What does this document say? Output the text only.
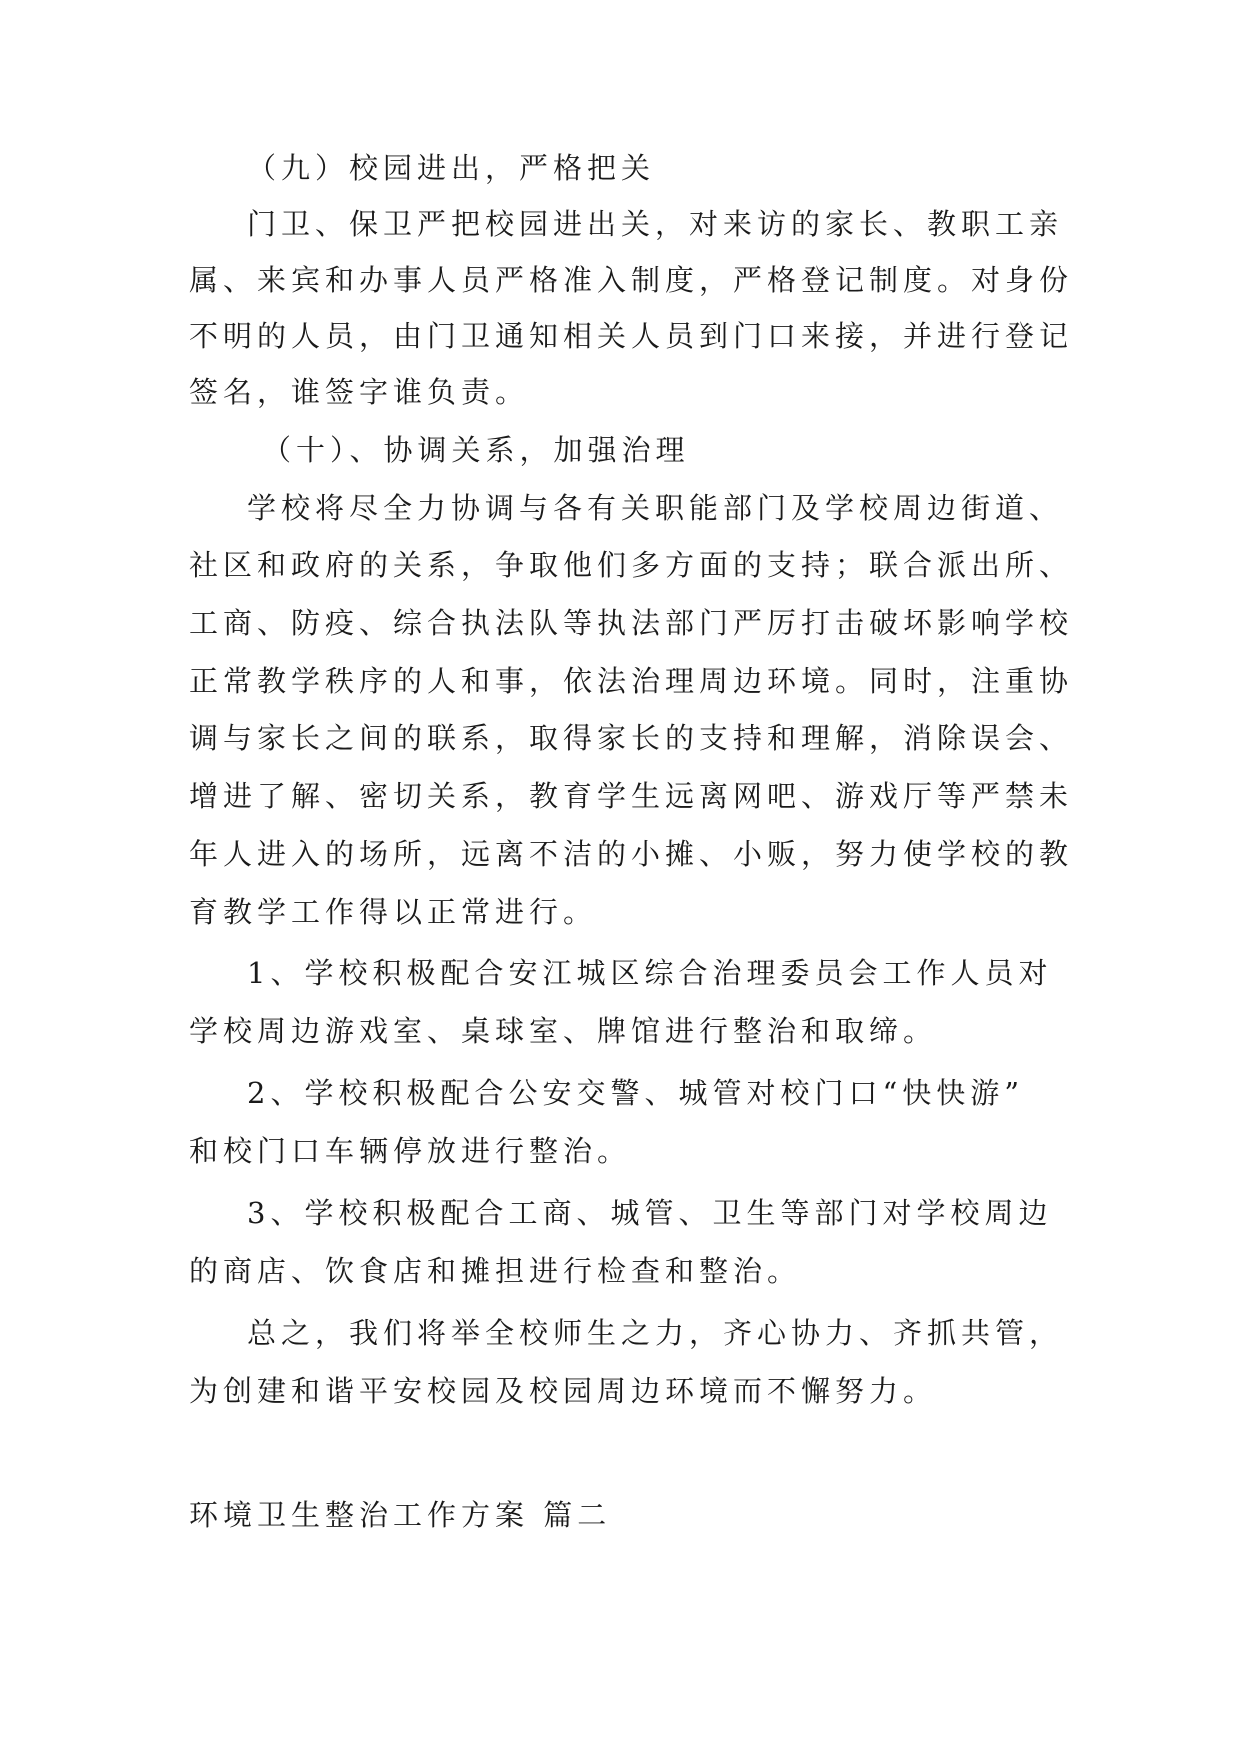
（九）校园进出，严格把关

门卫、保卫严把校园进出关，对来访的家长、教职工亲

属、来宾和办事人员严格准入制度，严格登记制度。对身份

不明的人员，由门卫通知相关人员到门口来接，并进行登记

签名，谁签字谁负责。

（十）、协调关系，加强治理

学校将尽全力协调与各有关职能部门及学校周边街道、

社区和政府的关系，争取他们多方面的支持；联合派出所、

工商、防疫、综合执法队等执法部门严厉打击破坏影响学校

正常教学秩序的人和事，依法治理周边环境。同时，注重协

调与家长之间的联系，取得家长的支持和理解，消除误会、

增进了解、密切关系，教育学生远离网吧、游戏厅等严禁未

年人进入的场所，远离不洁的小摊、小贩，努力使学校的教

育教学工作得以正常进行。

1、学校积极配合安江城区综合治理委员会工作人员对

学校周边游戏室、桌球室、牌馆进行整治和取缔。

2、学校积极配合公安交警、城管对校门口“快快游”

和校门口车辆停放进行整治。

3、学校积极配合工商、城管、卫生等部门对学校周边

的商店、饮食店和摊担进行检查和整治。

总之，我们将举全校师生之力，齐心协力、齐抓共管，

为创建和谐平安校园及校园周边环境而不懈努力。

环境卫生整治工作方案 篇二
